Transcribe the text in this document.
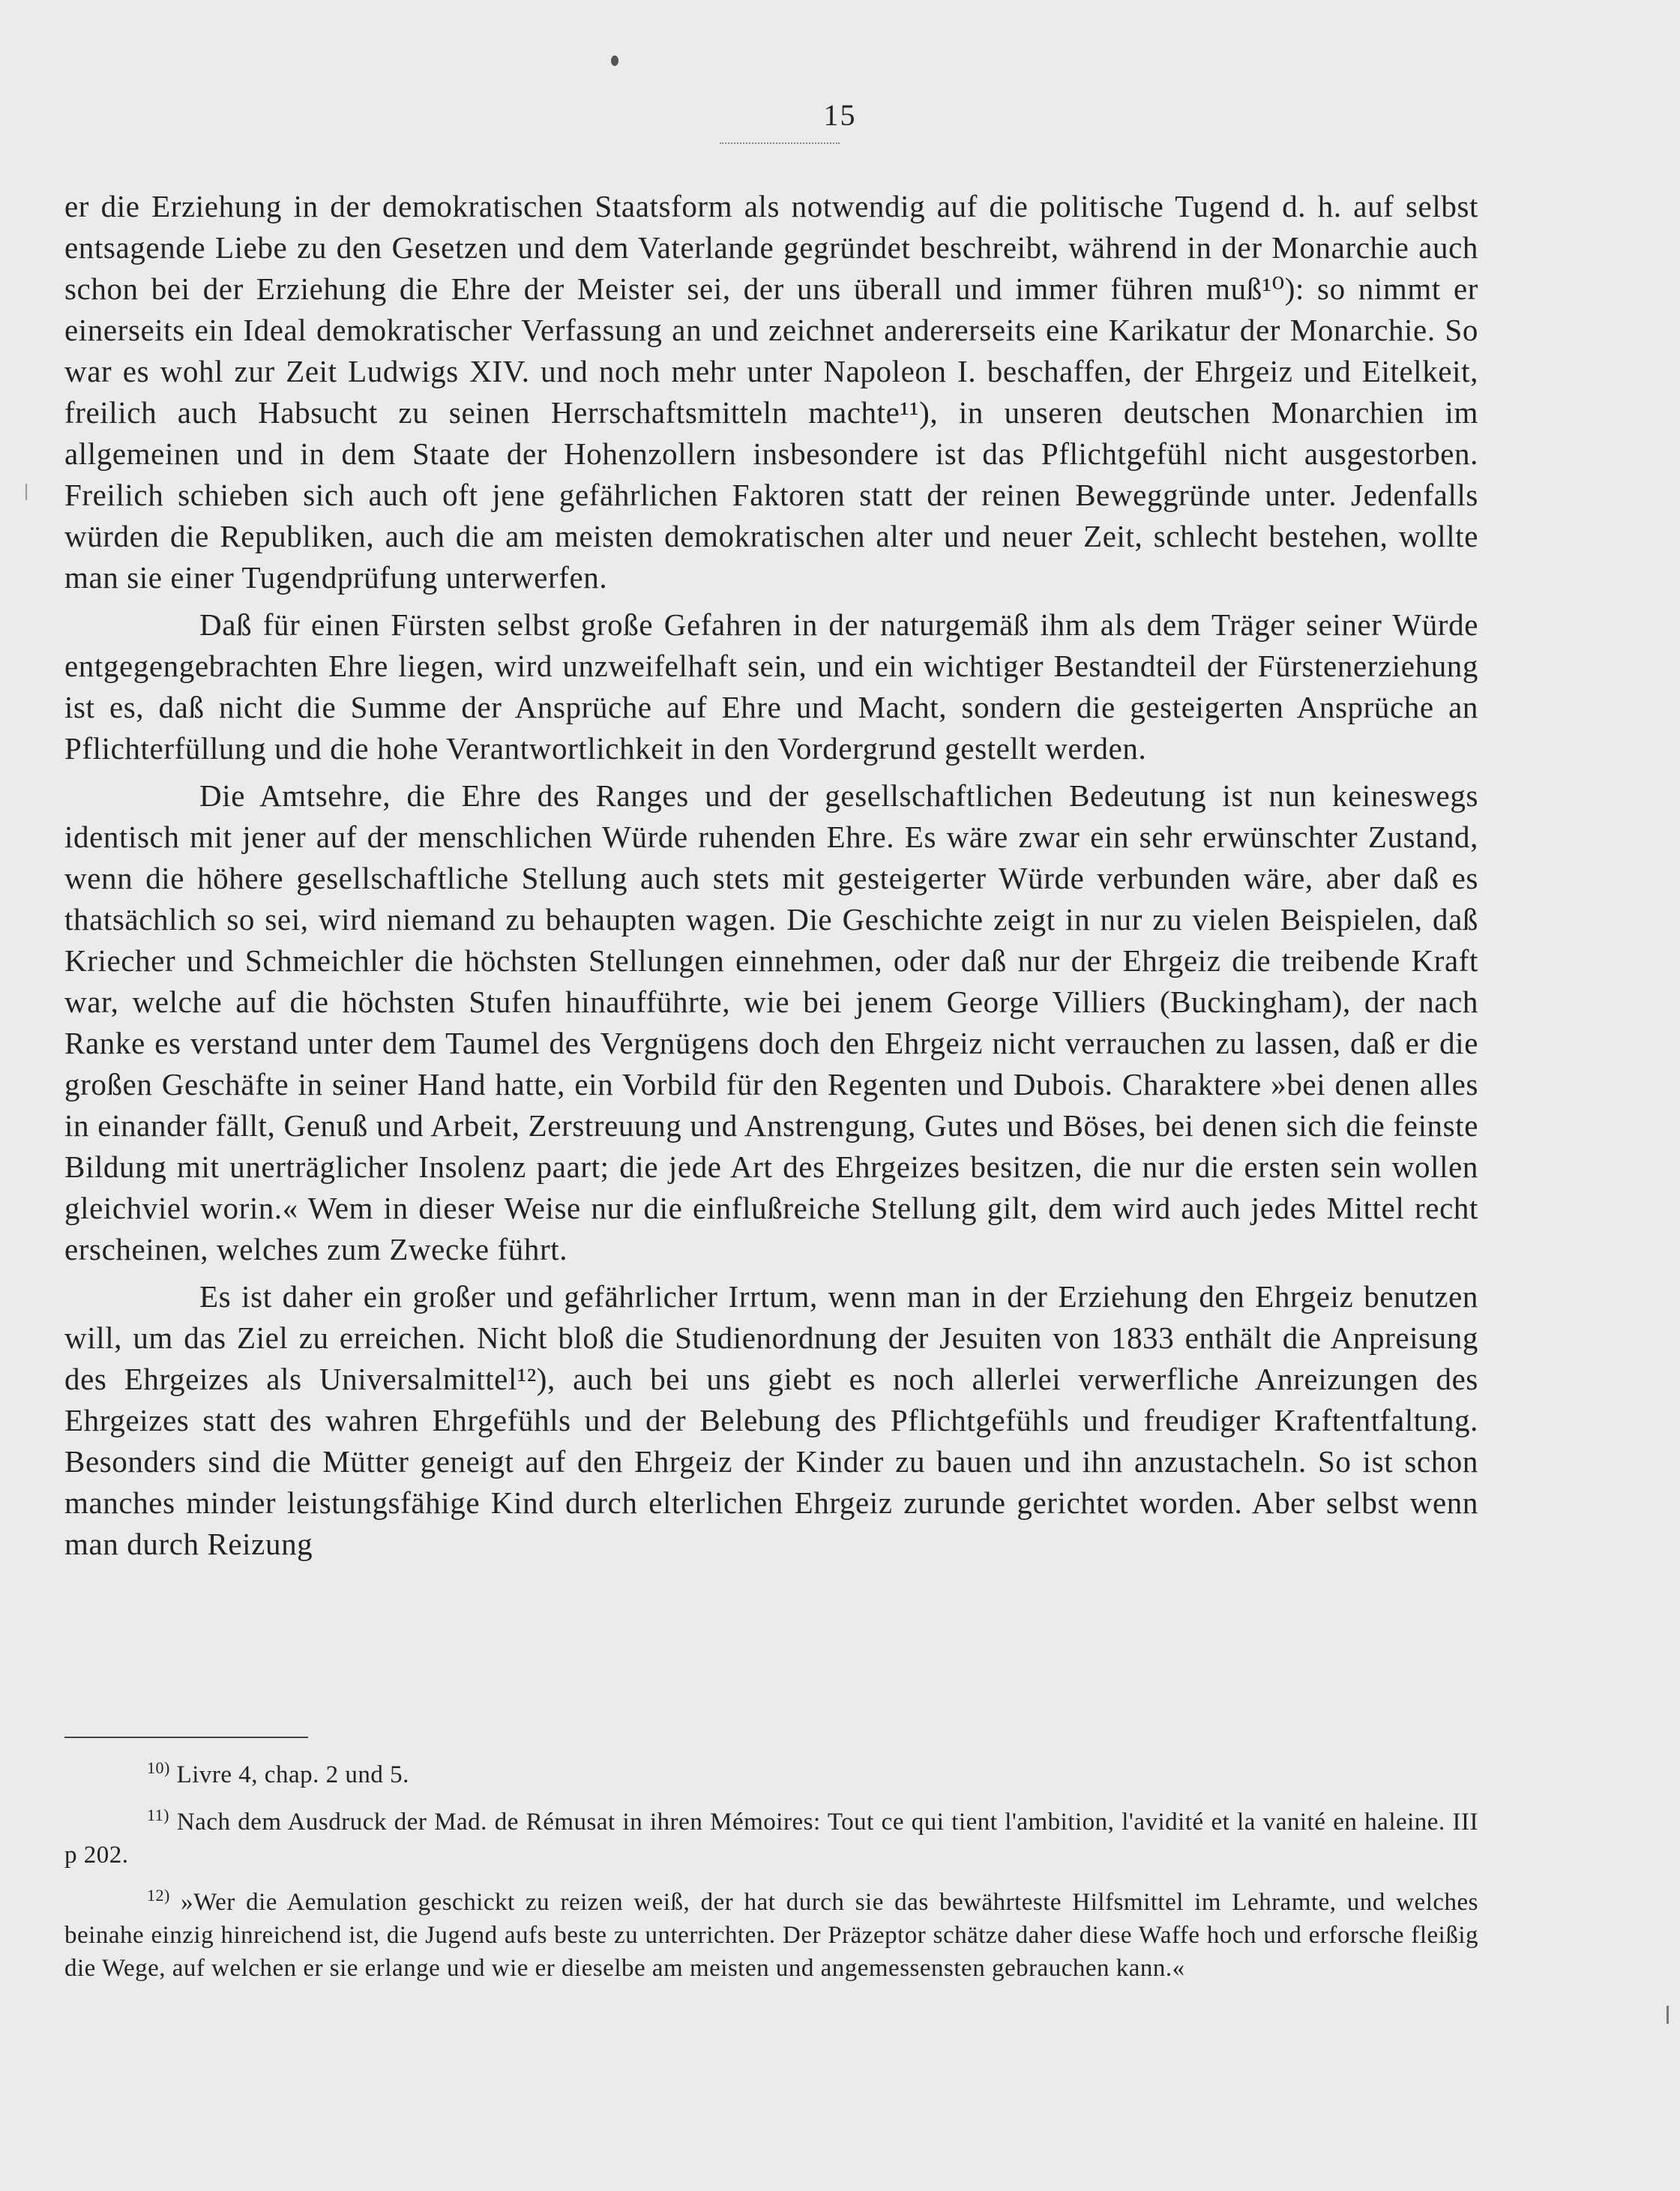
15

er die Erziehung in der demokratischen Staatsform als notwendig auf die politische Tugend d. h. auf selbst entsagende Liebe zu den Gesetzen und dem Vaterlande gegründet beschreibt, während in der Monarchie auch schon bei der Erziehung die Ehre der Meister sei, der uns überall und immer führen muß¹⁰): so nimmt er einerseits ein Ideal demokratischer Verfassung an und zeichnet andererseits eine Karikatur der Monarchie. So war es wohl zur Zeit Ludwigs XIV. und noch mehr unter Napoleon I. beschaffen, der Ehrgeiz und Eitelkeit, freilich auch Habsucht zu seinen Herrschaftsmitteln machte¹¹), in unseren deutschen Monarchien im allgemeinen und in dem Staate der Hohenzollern insbesondere ist das Pflichtgefühl nicht ausgestorben. Freilich schieben sich auch oft jene gefährlichen Faktoren statt der reinen Beweggründe unter. Jedenfalls würden die Republiken, auch die am meisten demokratischen alter und neuer Zeit, schlecht bestehen, wollte man sie einer Tugendprüfung unterwerfen.

Daß für einen Fürsten selbst große Gefahren in der naturgemäß ihm als dem Träger seiner Würde entgegengebrachten Ehre liegen, wird unzweifelhaft sein, und ein wichtiger Bestandteil der Fürstenerziehung ist es, daß nicht die Summe der Ansprüche auf Ehre und Macht, sondern die gesteigerten Ansprüche an Pflichterfüllung und die hohe Verantwortlichkeit in den Vordergrund gestellt werden.

Die Amtsehre, die Ehre des Ranges und der gesellschaftlichen Bedeutung ist nun keineswegs identisch mit jener auf der menschlichen Würde ruhenden Ehre. Es wäre zwar ein sehr erwünschter Zustand, wenn die höhere gesellschaftliche Stellung auch stets mit gesteigerter Würde verbunden wäre, aber daß es thatsächlich so sei, wird niemand zu behaupten wagen. Die Geschichte zeigt in nur zu vielen Beispielen, daß Kriecher und Schmeichler die höchsten Stellungen einnehmen, oder daß nur der Ehrgeiz die treibende Kraft war, welche auf die höchsten Stufen hinaufführte, wie bei jenem George Villiers (Buckingham), der nach Ranke es verstand unter dem Taumel des Vergnügens doch den Ehrgeiz nicht verrauchen zu lassen, daß er die großen Geschäfte in seiner Hand hatte, ein Vorbild für den Regenten und Dubois. Charaktere »bei denen alles in einander fällt, Genuß und Arbeit, Zerstreuung und Anstrengung, Gutes und Böses, bei denen sich die feinste Bildung mit unerträglicher Insolenz paart; die jede Art des Ehrgeizes besitzen, die nur die ersten sein wollen gleichviel worin.« Wem in dieser Weise nur die einflußreiche Stellung gilt, dem wird auch jedes Mittel recht erscheinen, welches zum Zwecke führt.

Es ist daher ein großer und gefährlicher Irrtum, wenn man in der Erziehung den Ehrgeiz benutzen will, um das Ziel zu erreichen. Nicht bloß die Studienordnung der Jesuiten von 1833 enthält die Anpreisung des Ehrgeizes als Universalmittel¹²), auch bei uns giebt es noch allerlei verwerfliche Anreizungen des Ehrgeizes statt des wahren Ehrgefühls und der Belebung des Pflichtgefühls und freudiger Kraftentfaltung. Besonders sind die Mütter geneigt auf den Ehrgeiz der Kinder zu bauen und ihn anzustacheln. So ist schon manches minder leistungsfähige Kind durch elterlichen Ehrgeiz zurunde gerichtet worden. Aber selbst wenn man durch Reizung

$^{10)}$ Livre 4, chap. 2 und 5.

$^{11)}$ Nach dem Ausdruck der Mad. de Rémusat in ihren Mémoires: Tout ce qui tient l'ambition, l'avidité et la vanité en haleine. III p 202.

$^{12)}$ »Wer die Aemulation geschickt zu reizen weiß, der hat durch sie das bewährteste Hilfsmittel im Lehramte, und welches beinahe einzig hinreichend ist, die Jugend aufs beste zu unterrichten. Der Präzeptor schätze daher diese Waffe hoch und erforsche fleißig die Wege, auf welchen er sie erlange und wie er dieselbe am meisten und angemessensten gebrauchen kann.«
